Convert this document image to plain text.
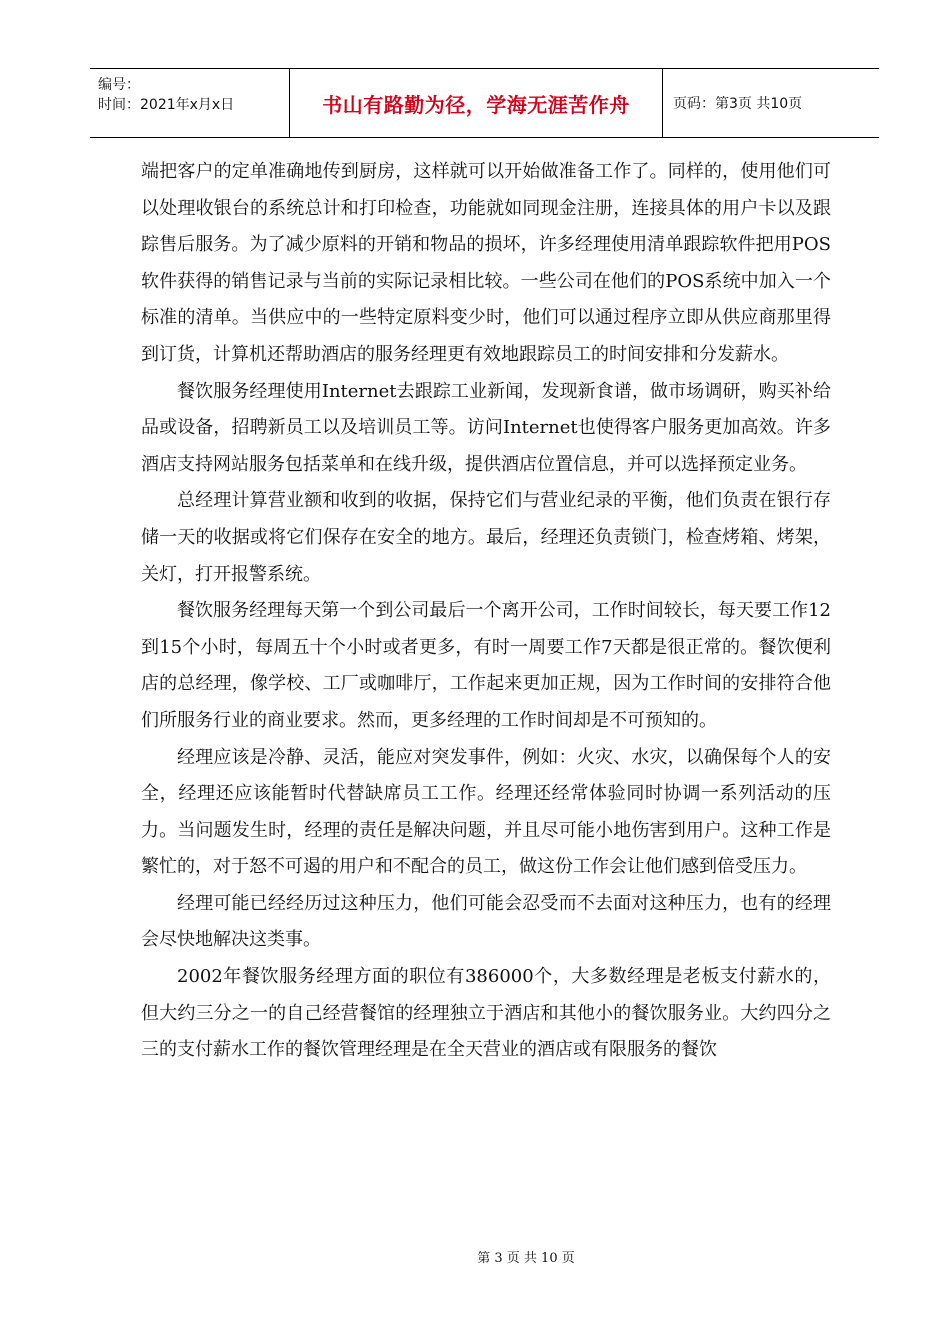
编号：
时间：2021年x月x日	书山有路勤为径，学海无涯苦作舟	页码：第3页 共10页

端把客户的定单准确地传到厨房，这样就可以开始做准备工作了。同样的，使用他们可以处理收银台的系统总计和打印检查，功能就如同现金注册，连接具体的用户卡以及跟踪售后服务。为了减少原料的开销和物品的损坏，许多经理使用清单跟踪软件把用POS软件获得的销售记录与当前的实际记录相比较。一些公司在他们的POS系统中加入一个标准的清单。当供应中的一些特定原料变少时，他们可以通过程序立即从供应商那里得到订货，计算机还帮助酒店的服务经理更有效地跟踪员工的时间安排和分发薪水。

餐饮服务经理使用Internet去跟踪工业新闻，发现新食谱，做市场调研，购买补给品或设备，招聘新员工以及培训员工等。访问Internet也使得客户服务更加高效。许多酒店支持网站服务包括菜单和在线升级，提供酒店位置信息，并可以选择预定业务。

总经理计算营业额和收到的收据，保持它们与营业纪录的平衡，他们负责在银行存储一天的收据或将它们保存在安全的地方。最后，经理还负责锁门，检查烤箱、烤架，关灯，打开报警系统。

餐饮服务经理每天第一个到公司最后一个离开公司，工作时间较长，每天要工作12到15个小时，每周五十个小时或者更多，有时一周要工作7天都是很正常的。餐饮便利店的总经理，像学校、工厂或咖啡厅，工作起来更加正规，因为工作时间的安排符合他们所服务行业的商业要求。然而，更多经理的工作时间却是不可预知的。

经理应该是冷静、灵活，能应对突发事件，例如：火灾、水灾，以确保每个人的安全，经理还应该能暂时代替缺席员工工作。经理还经常体验同时协调一系列活动的压力。当问题发生时，经理的责任是解决问题，并且尽可能小地伤害到用户。这种工作是繁忙的，对于怒不可遏的用户和不配合的员工，做这份工作会让他们感到倍受压力。

经理可能已经经历过这种压力，他们可能会忍受而不去面对这种压力，也有的经理会尽快地解决这类事。

2002年餐饮服务经理方面的职位有386000个，大多数经理是老板支付薪水的，但大约三分之一的自己经营餐馆的经理独立于酒店和其他小的餐饮服务业。大约四分之三的支付薪水工作的餐饮管理经理是在全天营业的酒店或有限服务的餐饮

第 3 页 共 10 页
